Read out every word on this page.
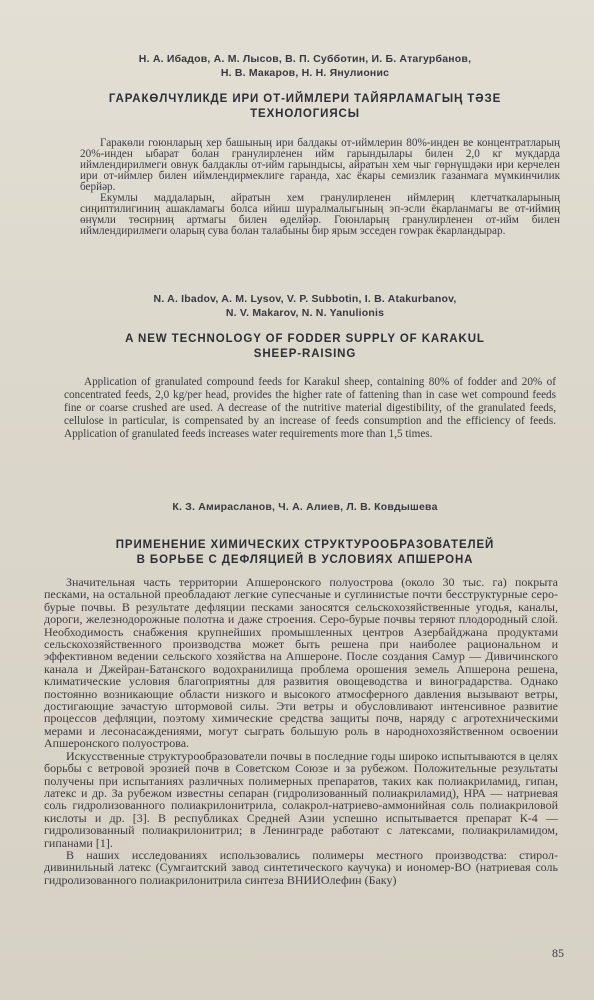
Н. А. Ибадов, А. М. Лысов, В. П. Субботин, И. Б. Атагурбанов,
Н. В. Макаров, Н. Н. Янулионис
ГАРАКӨЛЧҮЛИКДЕ ИРИ ОТ-ИЙМЛЕРИ ТАЙЯРЛАМАГЫҢ ТӘЗЕ
ТЕХНОЛОГИЯСЫ

Гаракөли гоюнларың хер башыныӊ ири балдакы от-иймлерин 80%-инден ве концентратларың 20%-инден ыбарат болан гранулирленен ийм гарындылары билен 2,0 кг мукдарда иймлендирилмеги овнук балдаклы от-ийм гарындысы, айратын хем чыг гөрнүшдәки ири керчелен ири от-иймлер билен иймлендирмеклиге гаранда, хас ёкары семизлик газанмага мүмкинчилик берйәр.

Екумлы маддаларын, айратын хем гранулирленен иймлериң клетчаткаларының сиңиптилигиниң ашакламагы болса ийиш шуралмалыгының эп-эсли ёкарланмагы ве от-иймиң өнүмли төсирниң артмагы билен өделйәр. Гоюнларың гранулирленен от-ийм билен иймлендирилмеги оларың сува болан талабыны бир ярым эсседен гowрак ёкарландырар.

N. A. Ibadov, A. M. Lysov, V. P. Subbotin, I. B. Atakurbanov,
N. V. Makarov, N. N. Yanulionis
A NEW TECHNOLOGY OF FODDER SUPPLY OF KARAKUL
SHEEP-RAISING

Application of granulated compound feeds for Karakul sheep, containing 80% of fodder and 20% of concentrated feeds, 2,0 kg/per head, provides the higher rate of fattening than in case wet compound feeds fine or coarse crushed are used. A decrease of the nutritive material digestibility, of the granulated feeds, cellulose in particular, is compensated by an increase of feeds consumption and the efficiency of feeds. Application of granulated feeds increases water requirements more than 1,5 times.

К. З. Амирасланов, Ч. А. Алиев, Л. В. Ковдышева
ПРИМЕНЕНИЕ ХИМИЧЕСКИХ СТРУКТУРООБРАЗОВАТЕЛЕЙ
В БОРЬБЕ С ДЕФЛЯЦИЕЙ В УСЛОВИЯХ АПШЕРОНА

Значительная часть территории Апшеронского полуострова (около 30 тыс. га) покрыта песками, на остальной преобладают легкие супесчаные и суглинистые почти бесструктурные серо-бурые почвы. В результате дефляции песками заносятся сельскохозяйственные угодья, каналы, дороги, железнодорожные полотна и даже строения. Серо-бурые почвы теряют плодородный слой. Необходимость снабжения крупнейших промышленных центров Азербайджана продуктами сельскохозяйственного производства может быть решена при наиболее рациональном и эффективном ведении сельского хозяйства на Апшероне. После создания Самур — Дивичинского канала и Джейран-Батанского водохранилища проблема орошения земель Апшерона решена, климатические условия благоприятны для развития овощеводства и виноградарства. Однако постоянно возникающие области низкого и высокого атмосферного давления вызывают ветры, достигающие зачастую штормовой силы. Эти ветры и обусловливают интенсивное развитие процессов дефляции, поэтому химические средства защиты почв, наряду с агротехническими мерами и лесонасаждениями, могут сыграть большую роль в народнохозяйственном освоении Апшеронского полуострова.

Искусственные структурообразователи почвы в последние годы широко испытываются в целях борьбы с ветровой эрозией почв в Советском Союзе и за рубежом. Положительные результаты получены при испытаниях различных полимерных препаратов, таких как полиакриламид, гипан, латекс и др. За рубежом известны сепаран (гидролизованный полиакриламид), НРА — натриевая соль гидролизованного полиакрилонитрила, солакрол-натриево-аммонийная соль полиакриловой кислоты и др. [3]. В республиках Средней Азии успешно испытывается препарат К-4 — гидролизованный полиакрилонитрил; в Ленинграде работают с латексами, полиакриламидом, гипанами [1].

В наших исследованиях использовались полимеры местного производства: стирол-дивинильный латекс (Сумгаитский завод синтетического каучука) и ионoмер-ВО (натриевая соль гидролизованного полиакрилонитрила синтеза ВНИИОлефин (Баку)

85
